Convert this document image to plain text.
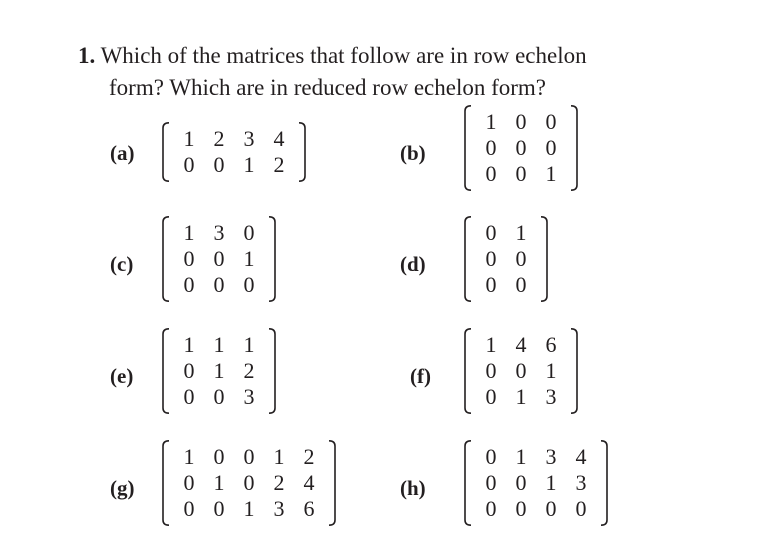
1. Which of the matrices that follow are in row echelon
form? Which are in reduced row echelon form?
(a)
1 2 3 4
0 0 1 2	(b)
1 0 0
0 0 0
0 0 1
(c)
1 3 0
0 0 1
0 0 0
(d)
0 1
0 0
0 0
(e)
1 1 1
0 1 2
0 0 3
(f)
1 4 6
0 0 1
0 1 3
(g)
1 0 0 1 2
0 1 0 2 4
0 0 1 3 6
(h)
0 1 3 4
0 0 1 3
0 0 0 0
